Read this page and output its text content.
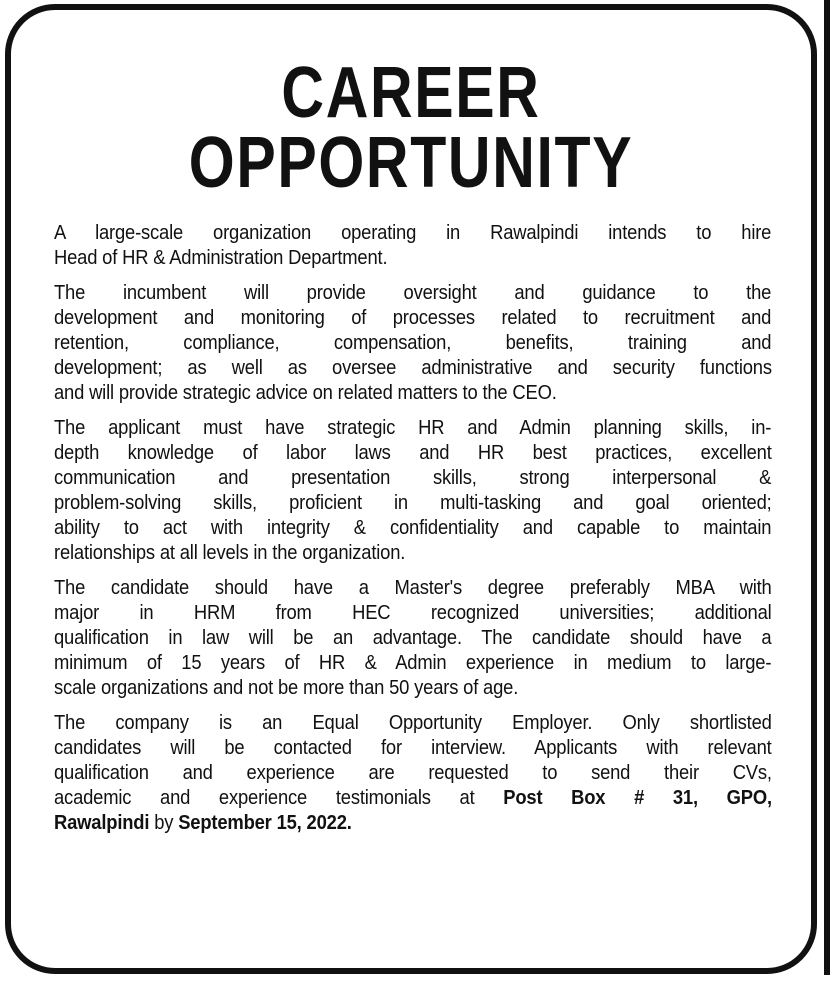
CAREER
OPPORTUNITY

A large-scale organization operating in Rawalpindi intends to hire
Head of HR & Administration Department.

The incumbent will provide oversight and guidance to the
development and monitoring of processes related to recruitment and
retention, compliance, compensation, benefits, training and
development; as well as oversee administrative and security functions
and will provide strategic advice on related matters to the CEO.

The applicant must have strategic HR and Admin planning skills, in-
depth knowledge of labor laws and HR best practices, excellent
communication and presentation skills, strong interpersonal &
problem-solving skills, proficient in multi-tasking and goal oriented;
ability to act with integrity & confidentiality and capable to maintain
relationships at all levels in the organization.

The candidate should have a Master's degree preferably MBA with
major in HRM from HEC recognized universities; additional
qualification in law will be an advantage. The candidate should have a
minimum of 15 years of HR & Admin experience in medium to large-
scale organizations and not be more than 50 years of age.

The company is an Equal Opportunity Employer. Only shortlisted
candidates will be contacted for interview. Applicants with relevant
qualification and experience are requested to send their CVs,
academic and experience testimonials at Post Box # 31, GPO,
Rawalpindi by September 15, 2022.
